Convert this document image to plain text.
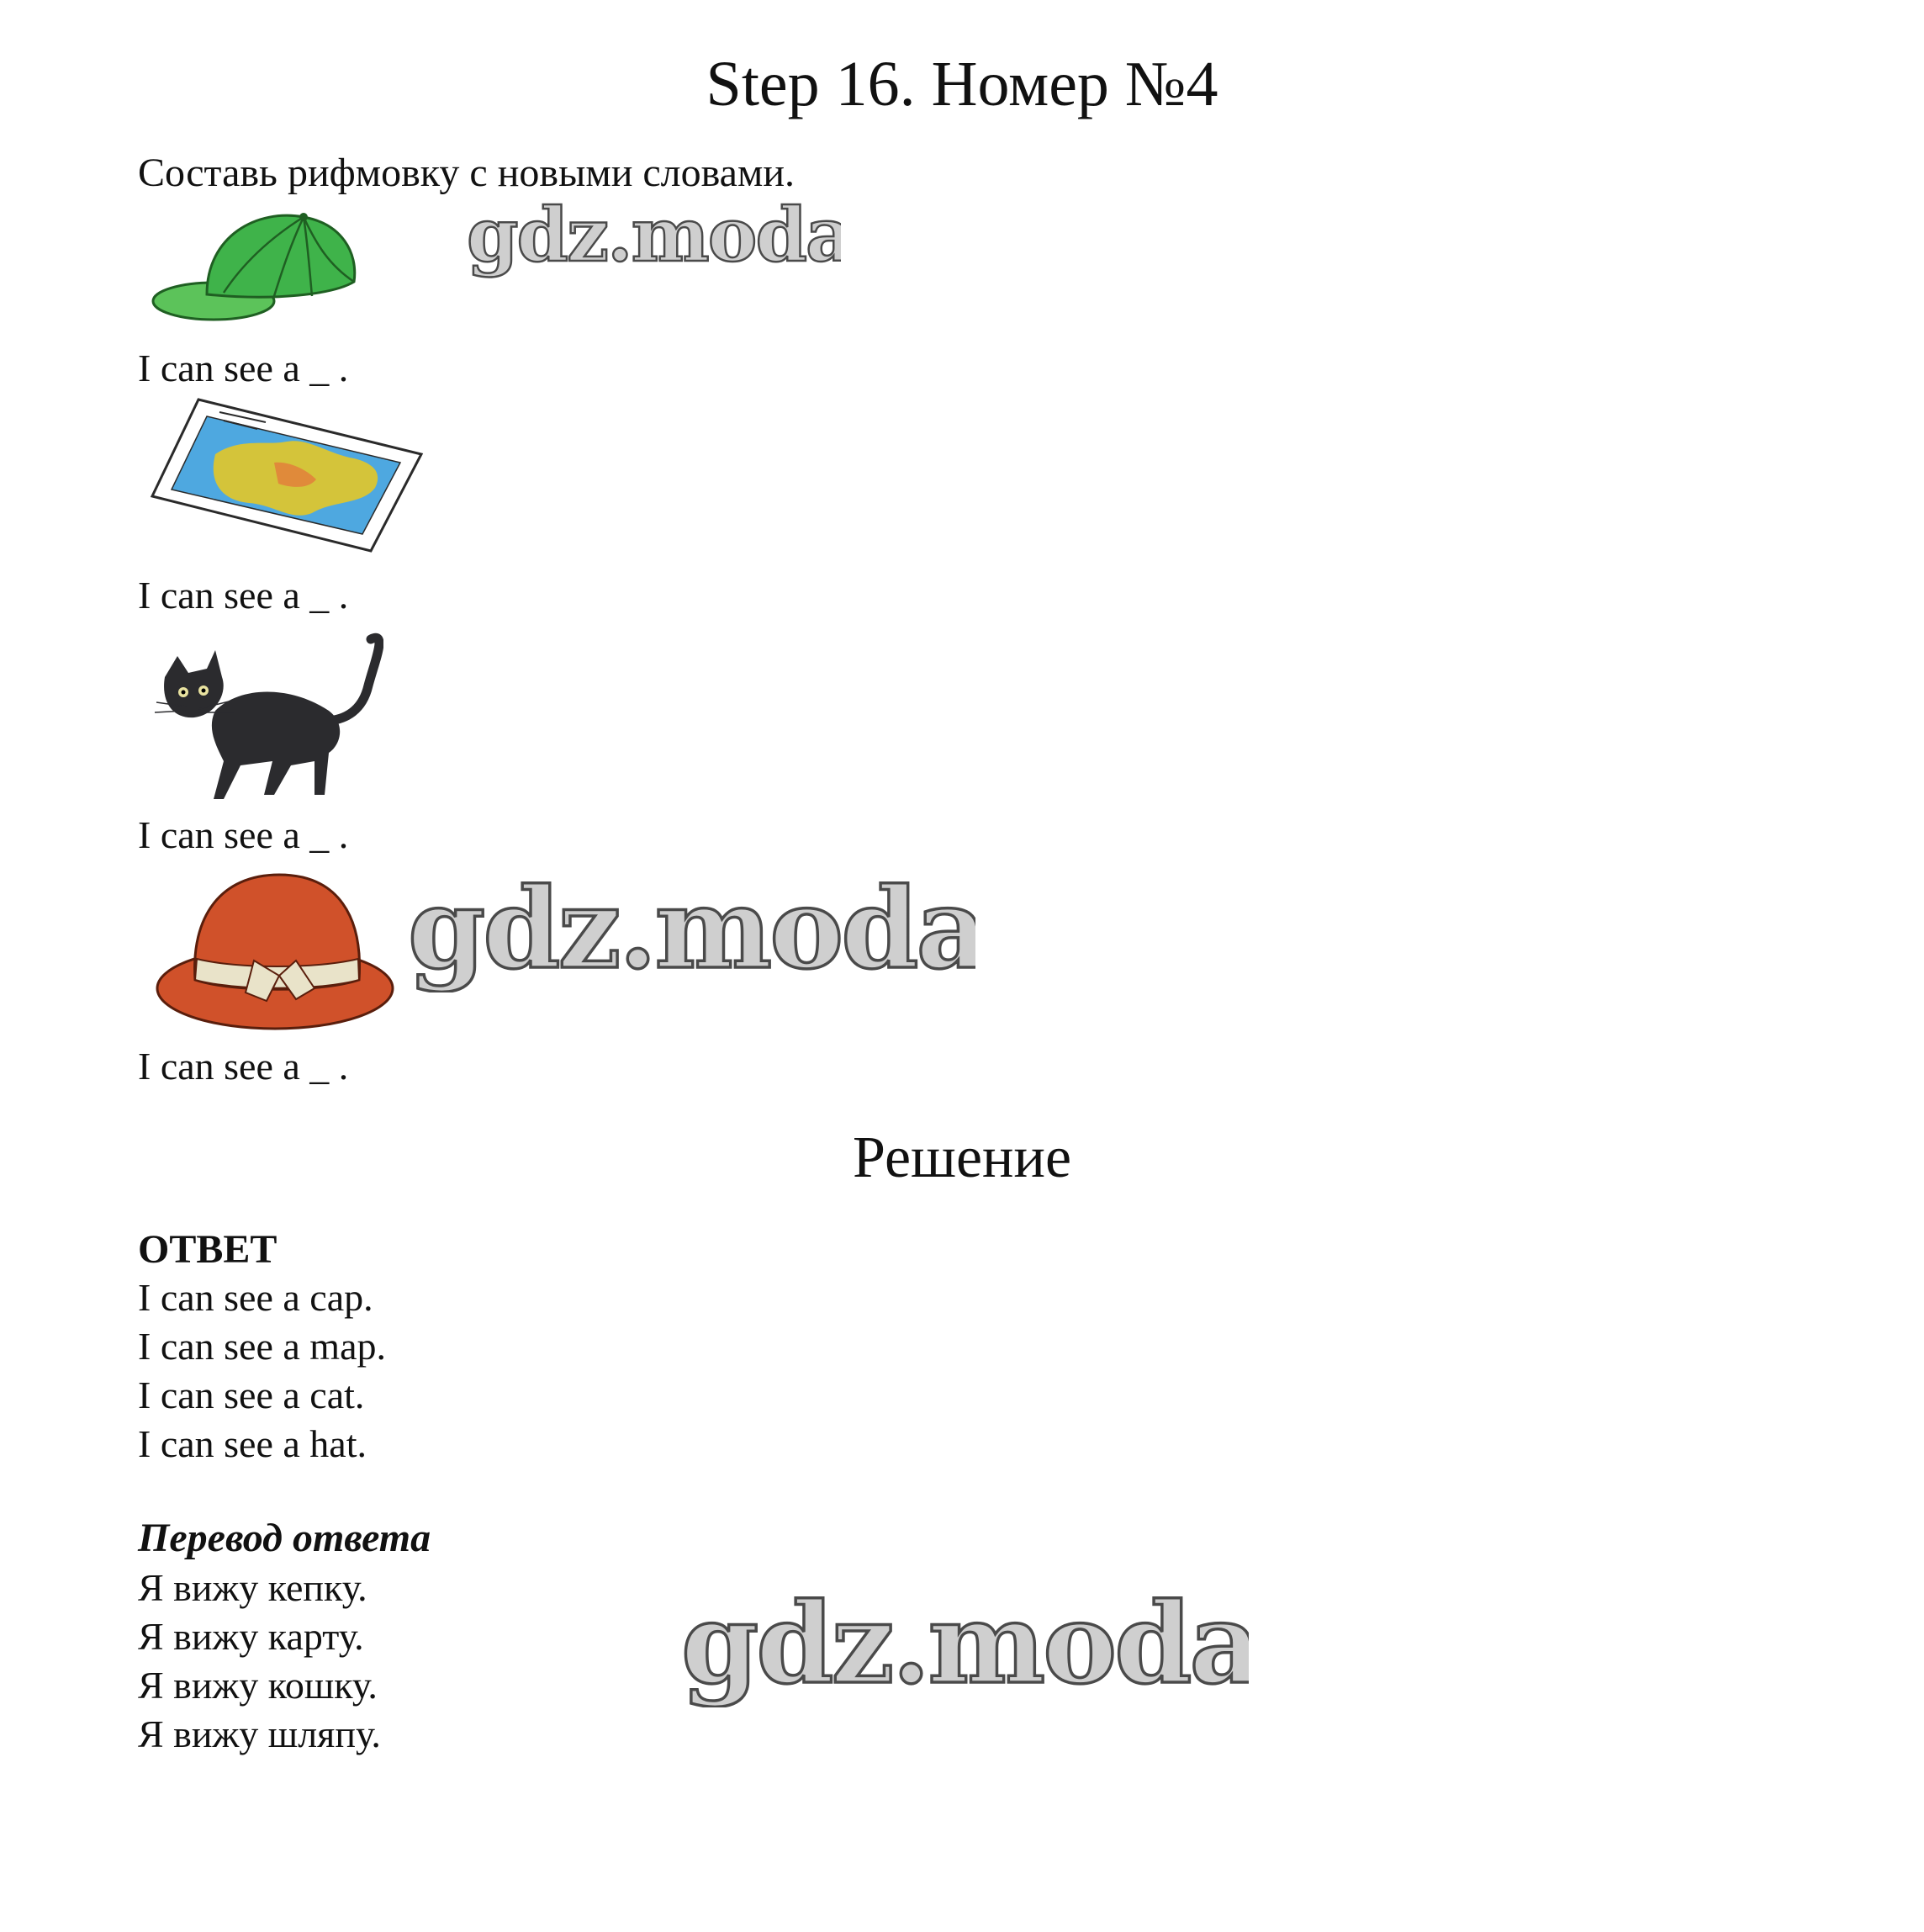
Step 16. Номер №4
Составь рифмовку с новыми словами.
I can see a _ .
I can see a _ .
I can see a _ .
I can see a _ .
gdz.moda
gdz.moda
gdz.moda
Решение
ОТВЕТ
I can see a cap.
I can see a map.
I can see a cat.
I can see a hat.
Перевод ответа
Я вижу кепку.
Я вижу карту.
Я вижу кошку.
Я вижу шляпу.
